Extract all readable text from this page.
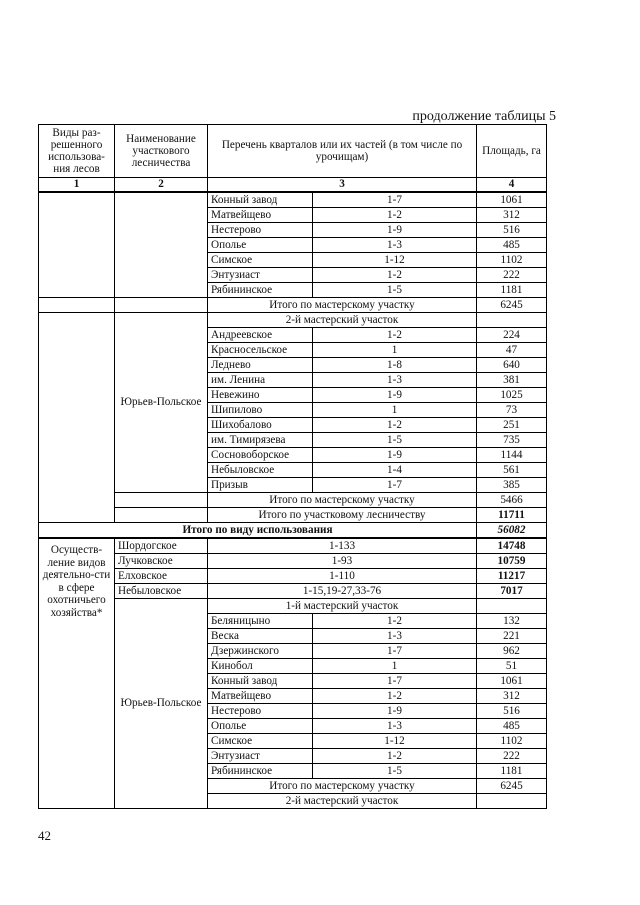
продолжение таблицы 5
Виды раз-решенного использова-ния лесов	Наименование участкового лесничества	Перечень кварталов или их частей (в том числе по урочищам)		Площадь, га
1	2	3		4
		Конный завод	1-7	1061
		Матвейщево	1-2	312
		Нестерово	1-9	516
		Ополье	1-3	485
		Симское	1-12	1102
		Энтузиаст	1-2	222
		Рябининское	1-5	1181
		Итого по мастерскому участку		6245
	Юрьев-Польское	2-й мастерский участок		
		Андреевское	1-2	224
		Красносельское	1	47
		Леднево	1-8	640
		им. Ленина	1-3	381
		Невежино	1-9	1025
		Шипилово	1	73
		Шихобалово	1-2	251
		им. Тимирязева	1-5	735
		Сосновоборское	1-9	1144
		Небыловское	1-4	561
		Призыв	1-7	385
		Итого по мастерскому участку		5466
		Итого по участковому лесничеству		11711
Итого по виду использования				56082
Осуществ-ление видов деятельно-сти в сфере охотничьего хозяйства*	Шордогское	1-133		14748
	Лучковское	1-93		10759
	Елховское	1-110		11217
	Небыловское	1-15,19-27,33-76		7017
	Юрьев-Польское	1-й мастерский участок		
		Беляницыно	1-2	132
		Веска	1-3	221
		Дзержинского	1-7	962
		Кинобол	1	51
		Конный завод	1-7	1061
		Матвейщево	1-2	312
		Нестерово	1-9	516
		Ополье	1-3	485
		Симское	1-12	1102
		Энтузиаст	1-2	222
		Рябининское	1-5	1181
		Итого по мастерскому участку		6245
		2-й мастерский участок		
42
